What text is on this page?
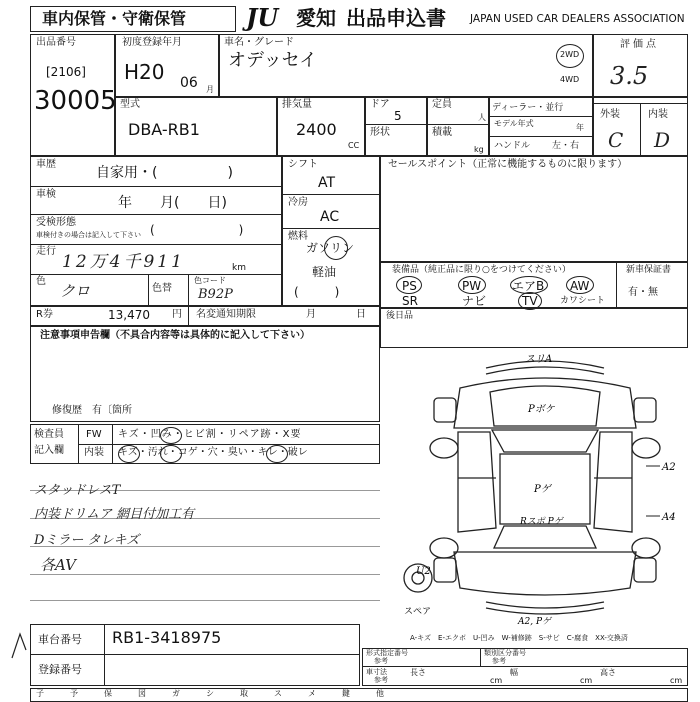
車内保管・守衛保管 JU 愛知 出品申込書 JAPAN USED CAR DEALERS ASSOCIATION
出品番号
[2106]
30005
初度登録年月
H20 06 月
車名・グレード
オデッセイ	2WD
4WD
評価点
3.5
外装	内装
C D
型式
DBA-RB1
排気量
2400
CC
ドア
5
形状
定員
人
積載
kg
ディーラー・並行
モデル年式	年
ハンドル 左・右
車歴
自家用・(　　　　　)
車検
年　　月(　　日)
受検形態
車検付きの場合は記入して下さい (　　　　　　　)
走行
12万4千911	km
色
クロ	色替
色コード
B92P
シフト
AT
冷房
AC
燃料
ガソリン
軽油
(　　　)
セールスポイント（正常に機能するものに限ります）
装備品（純正品に限り○をつけてください）
PS	PW	エアB AW
SR	ナビ	TV カワシート
新車保証書
有・無
R券	13,470 円 名変通知期限	月	日 後日品
注意事項申告欄（不具合内容等は具体的に記入して下さい）
修復歴　有〔箇所
検査員
記入欄
FW キズ・凹み・ヒビ割・リペア跡・X要
内装 キズ・汚れ・コゲ・穴・臭い・キレ・破レ
スタッドレスT
内装ドリムア 網目付加工有
Dミラー タレキズ
各AV
スリA
Pボケ
Pゲ
Rスポ Pゲ
A2
A4
U2
A2, Pゲ
スペア
A-キズ　E-エクボ　U-凹み　W-補修跡　S-サビ　C-腐食　XX-交換済
車台番号 RB1-3418975
登録番号
形式指定番号
参考
類別区分番号
参考
車寸法
参考
長さ	幅	高さ
cm	cm	cm
子	予	保	図	ガ	シ	取	ス	メ	鍵	他
